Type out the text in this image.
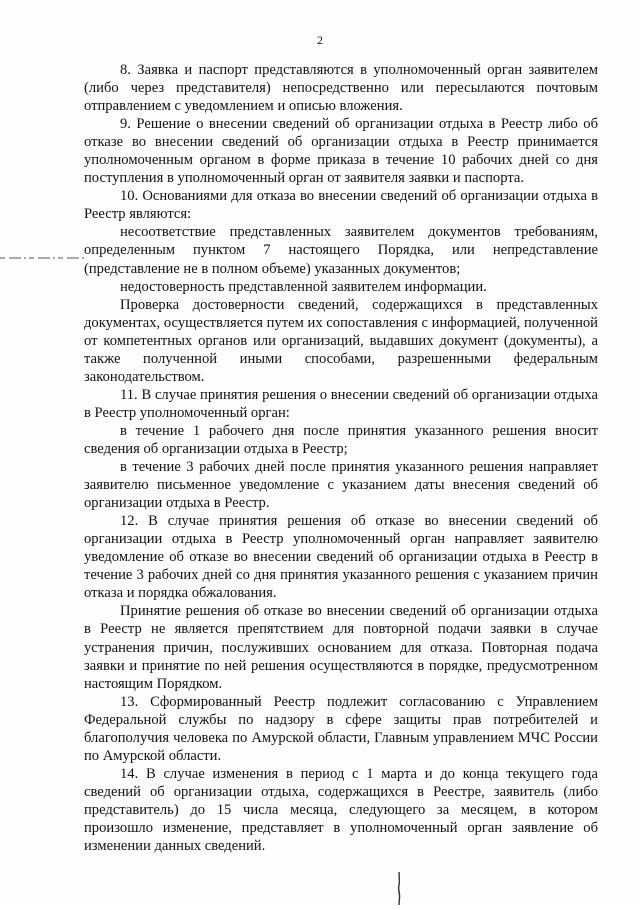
2

8. Заявка и паспорт представляются в уполномоченный орган заявителем (либо через представителя) непосредственно или пересылаются почтовым отправлением с уведомлением и описью вложения.

9. Решение о внесении сведений об организации отдыха в Реестр либо об отказе во внесении сведений об организации отдыха в Реестр принимается уполномоченным органом в форме приказа в течение 10 рабочих дней со дня поступления в уполномоченный орган от заявителя заявки и паспорта.

10. Основаниями для отказа во внесении сведений об организации отдыха в Реестр являются:

несоответствие представленных заявителем документов требованиям, определенным пунктом 7 настоящего Порядка, или непредставление (представление не в полном объеме) указанных документов;

недостоверность представленной заявителем информации.

Проверка достоверности сведений, содержащихся в представленных документах, осуществляется путем их сопоставления с информацией, полученной от компетентных органов или организаций, выдавших документ (документы), а также полученной иными способами, разрешенными федеральным законодательством.

11. В случае принятия решения о внесении сведений об организации отдыха в Реестр уполномоченный орган:

в течение 1 рабочего дня после принятия указанного решения вносит сведения об организации отдыха в Реестр;

в течение 3 рабочих дней после принятия указанного решения направляет заявителю письменное уведомление с указанием даты внесения сведений об организации отдыха в Реестр.

12. В случае принятия решения об отказе во внесении сведений об организации отдыха в Реестр уполномоченный орган направляет заявителю уведомление об отказе во внесении сведений об организации отдыха в Реестр в течение 3 рабочих дней со дня принятия указанного решения с указанием причин отказа и порядка обжалования.

Принятие решения об отказе во внесении сведений об организации отдыха в Реестр не является препятствием для повторной подачи заявки в случае устранения причин, послуживших основанием для отказа. Повторная подача заявки и принятие по ней решения осуществляются в порядке, предусмотренном настоящим Порядком.

13. Сформированный Реестр подлежит согласованию с Управлением Федеральной службы по надзору в сфере защиты прав потребителей и благополучия человека по Амурской области, Главным управлением МЧС России по Амурской области.

14. В случае изменения в период с 1 марта и до конца текущего года сведений об организации отдыха, содержащихся в Реестре, заявитель (либо представитель) до 15 числа месяца, следующего за месяцем, в котором произошло изменение, представляет в уполномоченный орган заявление об изменении данных сведений.
